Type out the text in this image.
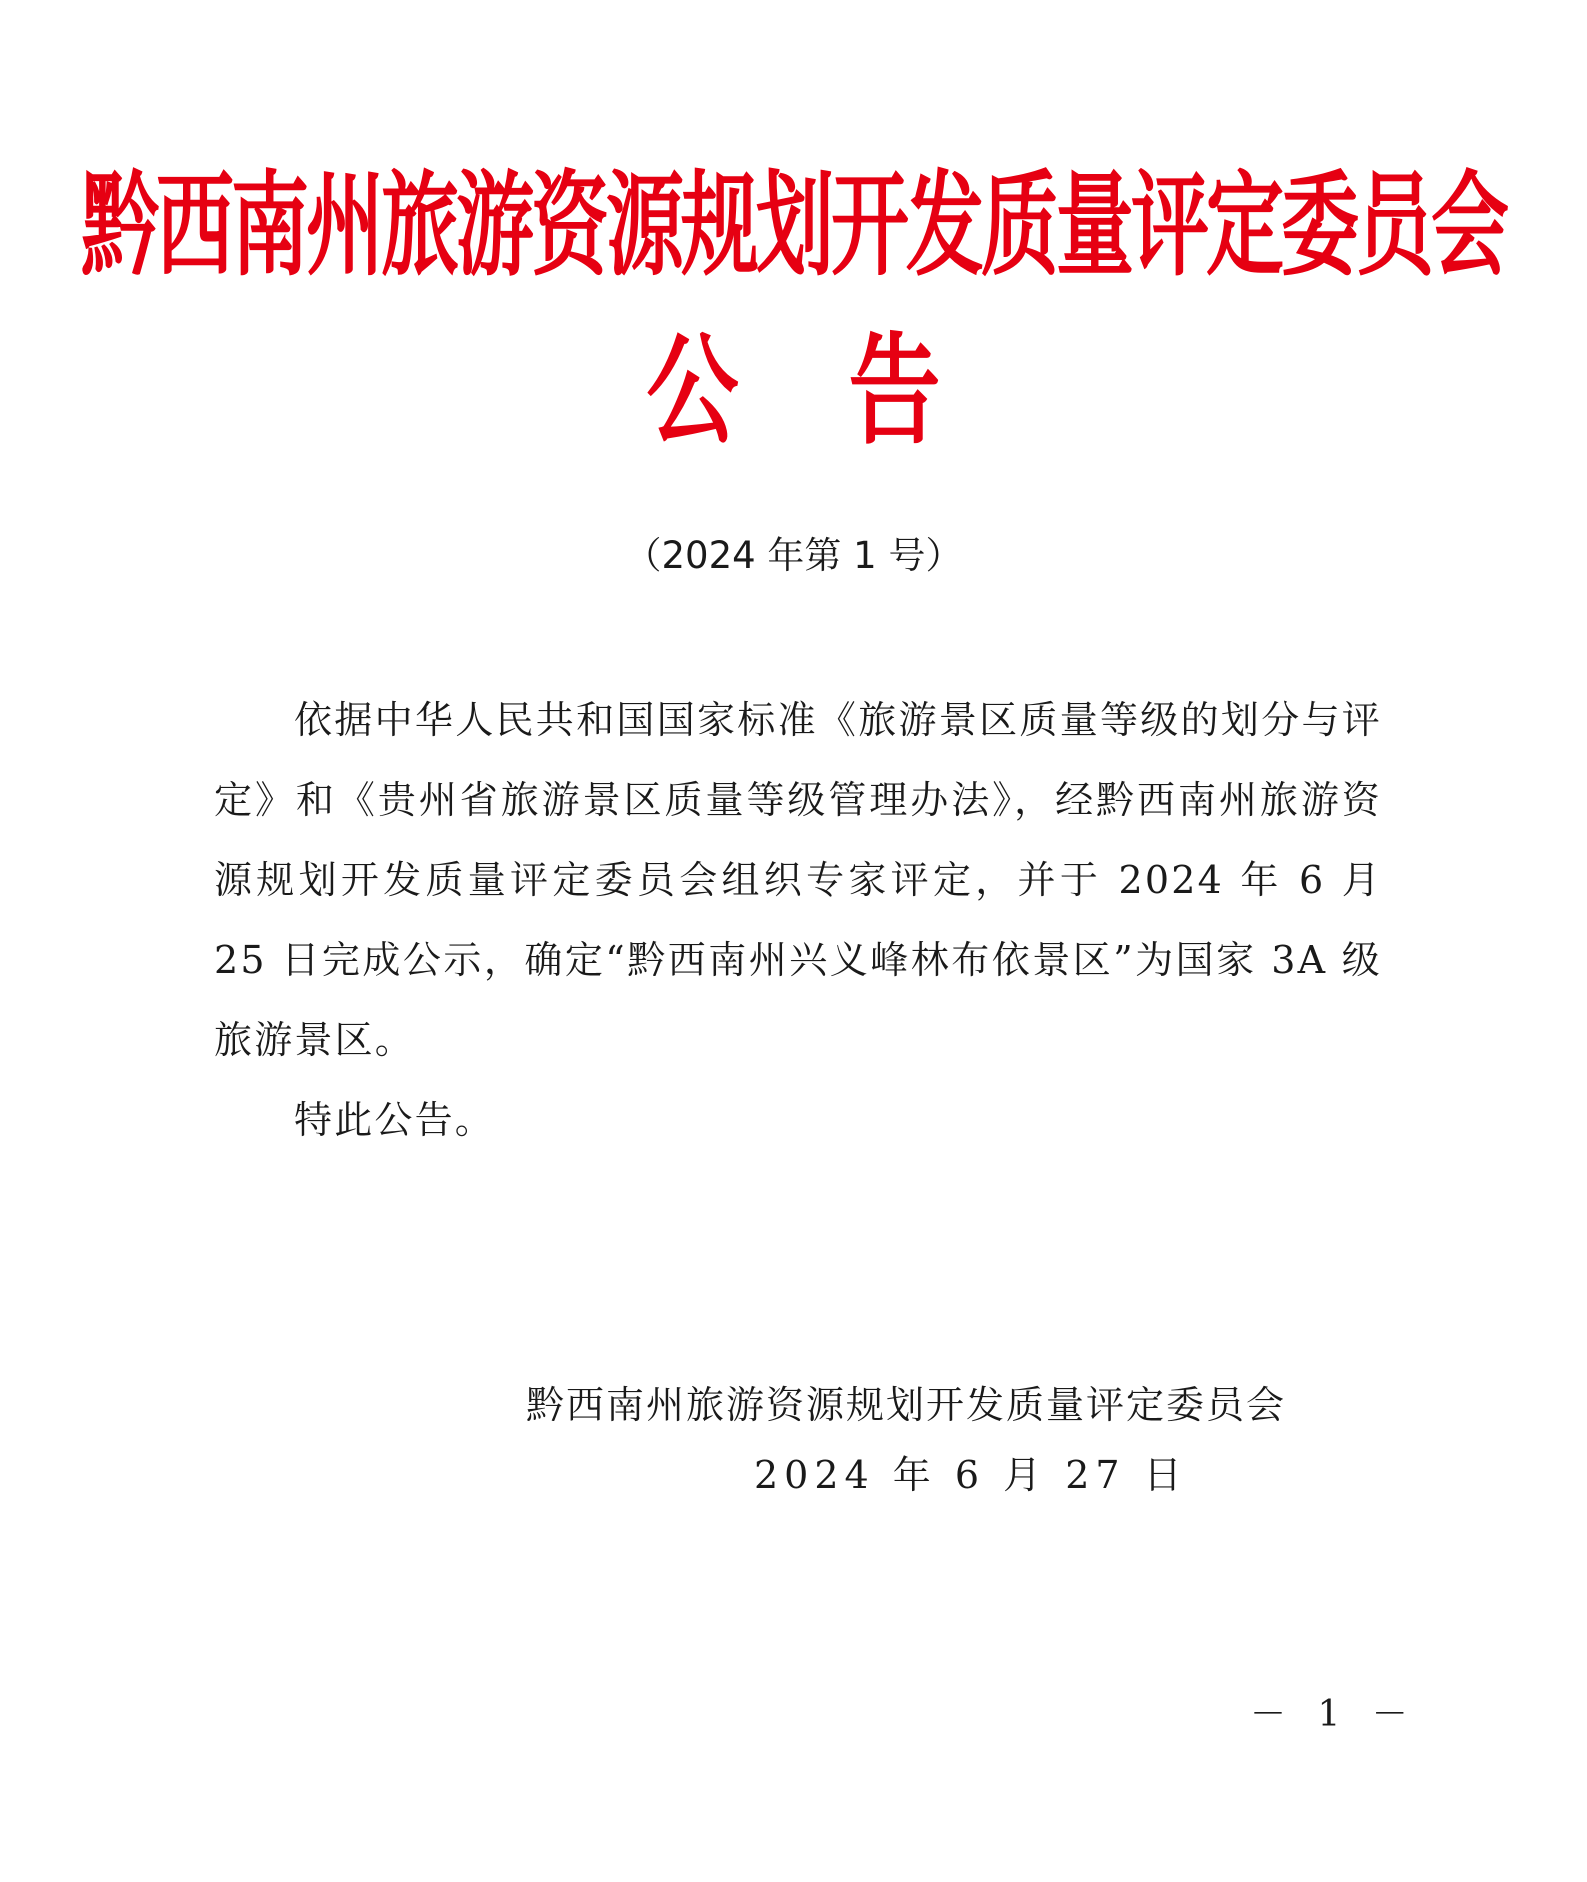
黔西南州旅游资源规划开发质量评定委员会
公告
（2024 年第 1 号）

依据中华人民共和国国家标准《旅游景区质量等级的划分与评定》和《贵州省旅游景区质量等级管理办法》，经黔西南州旅游资源规划开发质量评定委员会组织专家评定，并于 2024 年 6 月 25 日完成公示，确定“黔西南州兴义峰林布依景区”为国家 3A 级旅游景区。

特此公告。

黔西南州旅游资源规划开发质量评定委员会
2024 年 6 月 27 日
－ 1 －
